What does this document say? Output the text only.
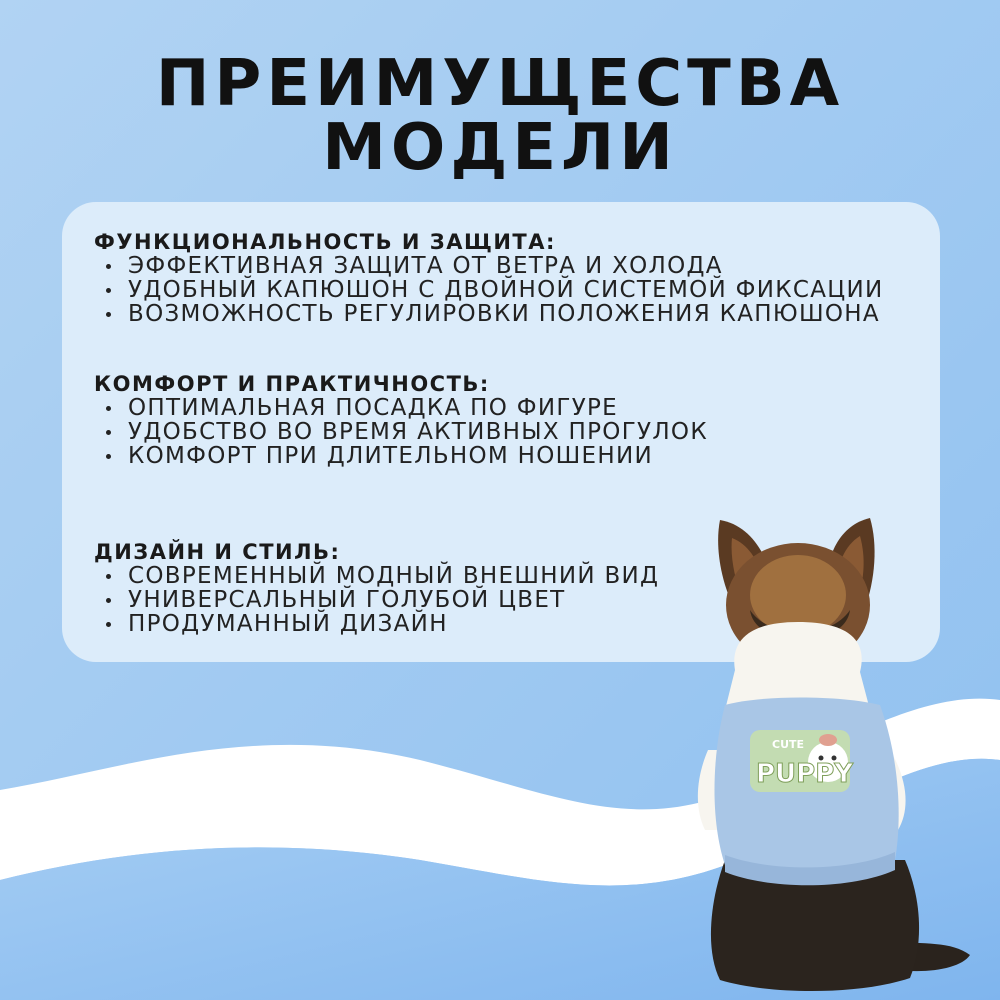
ПРЕИМУЩЕСТВА
МОДЕЛИ

ФУНКЦИОНАЛЬНОСТЬ И ЗАЩИТА:

ЭФФЕКТИВНАЯ ЗАЩИТА ОТ ВЕТРА И ХОЛОДА
УДОБНЫЙ КАПЮШОН С ДВОЙНОЙ СИСТЕМОЙ ФИКСАЦИИ
ВОЗМОЖНОСТЬ РЕГУЛИРОВКИ ПОЛОЖЕНИЯ КАПЮШОНА

КОМФОРТ И ПРАКТИЧНОСТЬ:

ОПТИМАЛЬНАЯ ПОСАДКА ПО ФИГУРЕ
УДОБСТВО ВО ВРЕМЯ АКТИВНЫХ ПРОГУЛОК
КОМФОРТ ПРИ ДЛИТЕЛЬНОМ НОШЕНИИ

ДИЗАЙН И СТИЛЬ:

СОВРЕМЕННЫЙ МОДНЫЙ ВНЕШНИЙ ВИД
УНИВЕРСАЛЬНЫЙ ГОЛУБОЙ ЦВЕТ
ПРОДУМАННЫЙ ДИЗАЙН
CUTE
PUPPY
